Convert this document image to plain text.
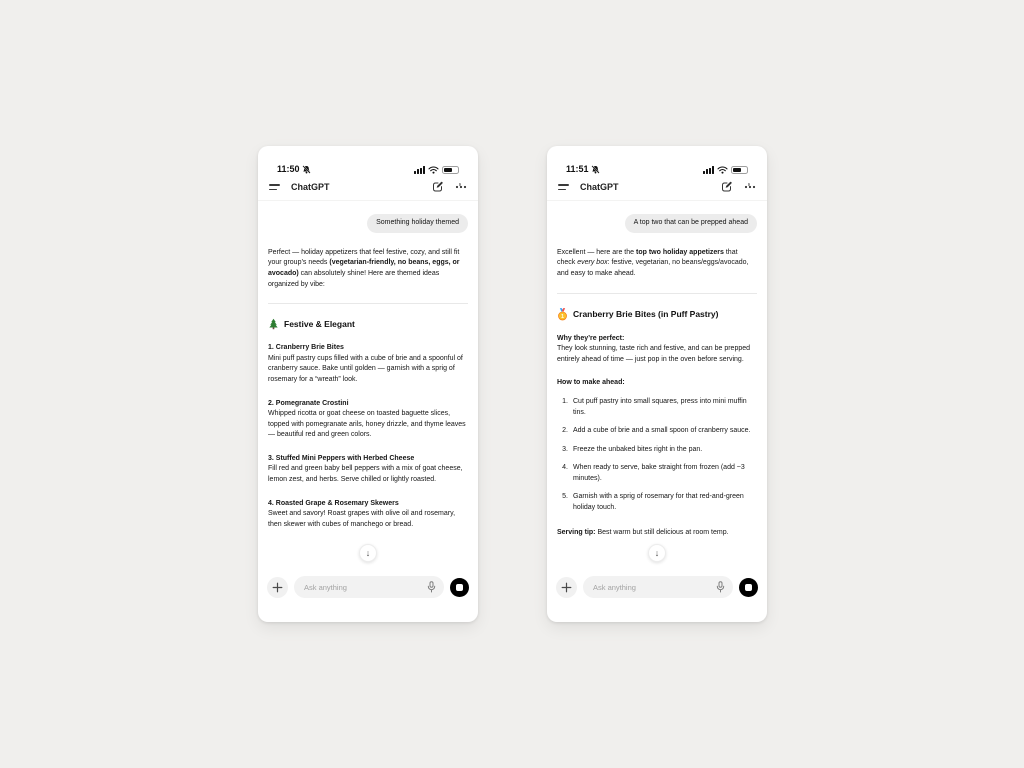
11:50
ChatGPT
Something holiday themed

Perfect — holiday appetizers that feel festive, cozy, and still fit your group’s needs (vegetarian-friendly, no beans, eggs, or avocado) can absolutely shine! Here are themed ideas organized by vibe:

Festive & Elegant
1. Cranberry Brie Bites
Mini puff pastry cups filled with a cube of brie and a spoonful of cranberry sauce. Bake until golden — garnish with a sprig of rosemary for a “wreath” look.
2. Pomegranate Crostini
Whipped ricotta or goat cheese on toasted baguette slices, topped with pomegranate arils, honey drizzle, and thyme leaves — beautiful red and green colors.
3. Stuffed Mini Peppers with Herbed Cheese
Fill red and green baby bell peppers with a mix of goat cheese, lemon zest, and herbs. Serve chilled or lightly roasted.
4. Roasted Grape & Rosemary Skewers
Sweet and savory! Roast grapes with olive oil and rosemary, then skewer with cubes of manchego or bread.
↓
Ask anything
11:51
ChatGPT
A top two that can be prepped ahead

Excellent — here are the top two holiday appetizers that check every box: festive, vegetarian, no beans/eggs/avocado, and easy to make ahead.

1 Cranberry Brie Bites (in Puff Pastry)
Why they’re perfect:

They look stunning, taste rich and festive, and can be prepped entirely ahead of time — just pop in the oven before serving.

How to make ahead:
1. Cut puff pastry into small squares, press into mini muffin tins.
2. Add a cube of brie and a small spoon of cranberry sauce.
3. Freeze the unbaked bites right in the pan.
4. When ready to serve, bake straight from frozen (add ~3 minutes).
5. Garnish with a sprig of rosemary for that red-and-green holiday touch.

Serving tip: Best warm but still delicious at room temp.

↓
Ask anything
